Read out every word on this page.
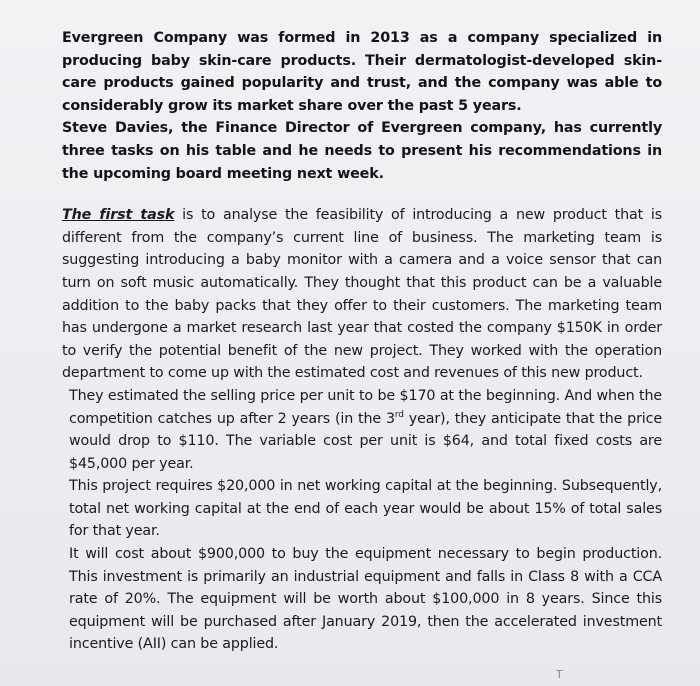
Evergreen Company was formed in 2013 as a company specialized in producing baby skin-care products. Their dermatologist-developed skin-care products gained popularity and trust, and the company was able to considerably grow its market share over the past 5 years.

Steve Davies, the Finance Director of Evergreen company, has currently three tasks on his table and he needs to present his recommendations in the upcoming board meeting next week.

The first task is to analyse the feasibility of introducing a new product that is different from the company’s current line of business. The marketing team is suggesting introducing a baby monitor with a camera and a voice sensor that can turn on soft music automatically. They thought that this product can be a valuable addition to the baby packs that they offer to their customers. The marketing team has undergone a market research last year that costed the company $150K in order to verify the potential benefit of the new project. They worked with the operation department to come up with the estimated cost and revenues of this new product.

They estimated the selling price per unit to be $170 at the beginning. And when the competition catches up after 2 years (in the 3rd year), they anticipate that the price would drop to $110. The variable cost per unit is $64, and total fixed costs are $45,000 per year.

This project requires $20,000 in net working capital at the beginning. Subsequently, total net working capital at the end of each year would be about 15% of total sales for that year.

It will cost about $900,000 to buy the equipment necessary to begin production. This investment is primarily an industrial equipment and falls in Class 8 with a CCA rate of 20%. The equipment will be worth about $100,000 in 8 years. Since this equipment will be purchased after January 2019, then the accelerated investment incentive (AII) can be applied.

T
